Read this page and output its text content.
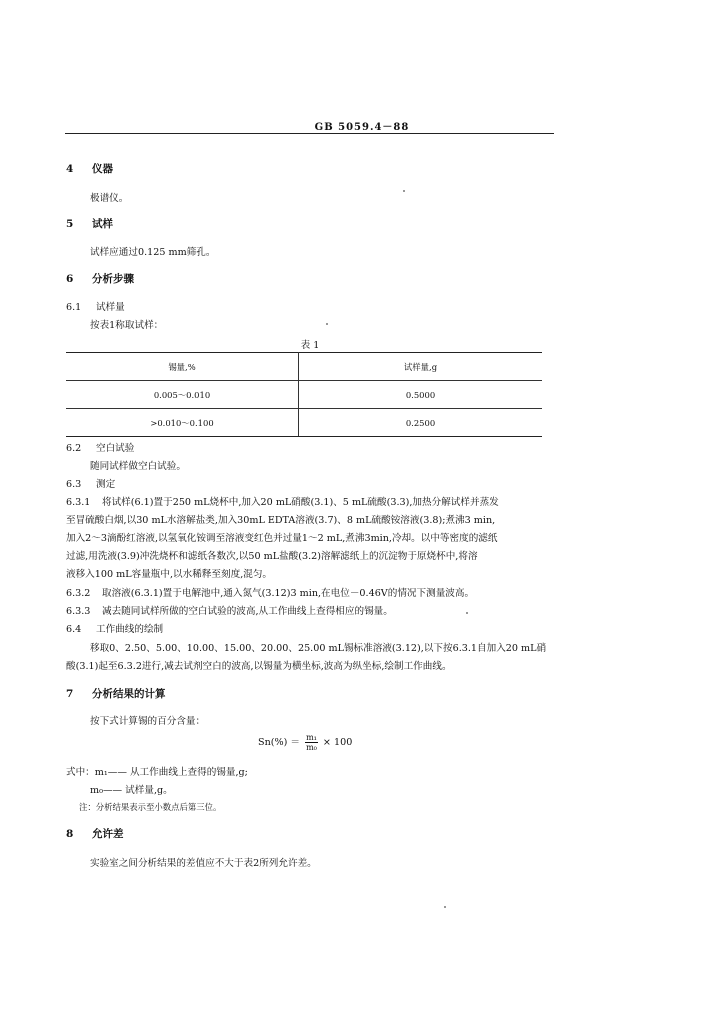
GB 5059.4－88
4 仪器
极谱仪。
5 试样
试样应通过0.125 mm筛孔。
6 分析步骤
6.1 试样量
按表1称取试样：
表 1
锡量,%	试样量,g
0.005～0.010	0.5000
>0.010～0.100	0.2500
6.2 空白试验
随同试样做空白试验。
6.3 测定
6.3.1 将试样(6.1)置于250 mL烧杯中,加入20 mL硝酸(3.1)、5 mL硫酸(3.3),加热分解试样并蒸发
至冒硫酸白烟,以30 mL水溶解盐类,加入30mL EDTA溶液(3.7)、8 mL硫酸铵溶液(3.8);煮沸3 min,
加入2～3滴酚红溶液,以氢氧化铵调至溶液变红色并过量1～2 mL,煮沸3min,冷却。以中等密度的滤纸
过滤,用洗液(3.9)冲洗烧杯和滤纸各数次,以50 mL盐酸(3.2)溶解滤纸上的沉淀物于原烧杯中,将溶
液移入100 mL容量瓶中,以水稀释至刻度,混匀。
6.3.2 取溶液(6.3.1)置于电解池中,通入氮气(3.12)3 min,在电位－0.46V的情况下测量波高。
6.3.3 减去随同试样所做的空白试验的波高,从工作曲线上查得相应的锡量。
6.4 工作曲线的绘制
移取0、2.50、5.00、10.00、15.00、20.00、25.00 mL锡标准溶液(3.12),以下按6.3.1自加入20 mL硝
酸(3.1)起至6.3.2进行,减去试剂空白的波高,以锡量为横坐标,波高为纵坐标,绘制工作曲线。
7 分析结果的计算
按下式计算锡的百分含量：
$Sn(\%) = \frac{\text{m₁}}{\text{m₀}} \times 100$
式中：m₁—— 从工作曲线上查得的锡量,g;
m₀—— 试样量,g。
注：分析结果表示至小数点后第三位。
8 允许差
实验室之间分析结果的差值应不大于表2所列允许差。
